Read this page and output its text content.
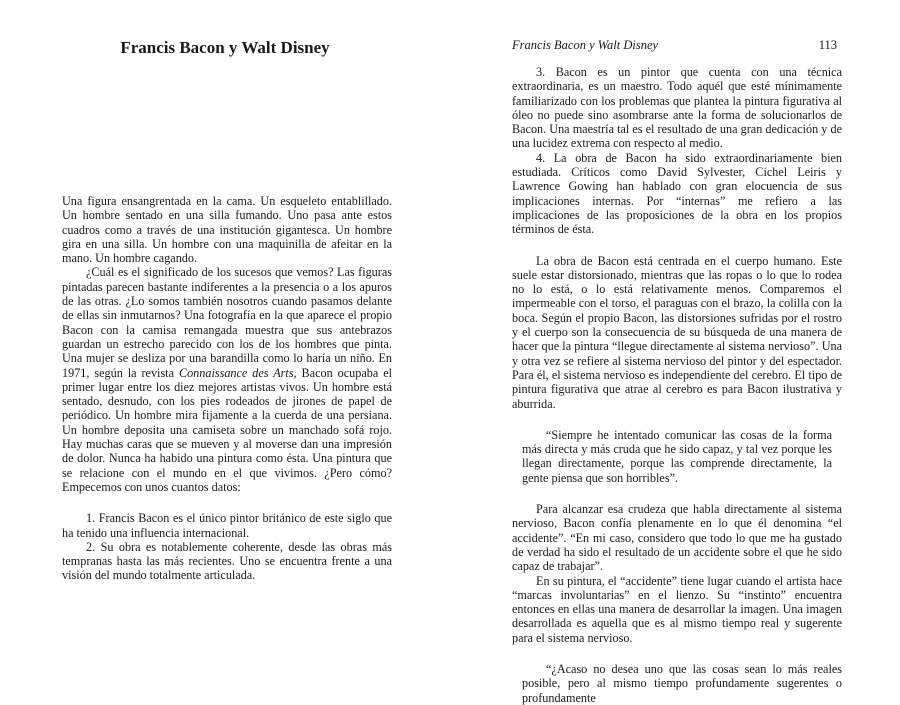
Francis Bacon y Walt Disney

Una figura ensangrentada en la cama. Un esqueleto entablillado. Un hombre sentado en una silla fumando. Uno pasa ante estos cuadros como a través de una institución gigantesca. Un hombre gira en una silla. Un hombre con una maquinilla de afeitar en la mano. Un hombre cagando.

¿Cuál es el significado de los sucesos que vemos? Las figuras pintadas parecen bastante indiferentes a la presencia o a los apuros de las otras. ¿Lo somos también nosotros cuando pasamos delante de ellas sin inmutarnos? Una fotografía en la que aparece el propio Bacon con la camisa remangada muestra que sus antebrazos guardan un estrecho parecido con los de los hombres que pinta. Una mujer se desliza por una barandilla como lo haría un niño. En 1971, según la revista Connaissance des Arts, Bacon ocupaba el primer lugar entre los diez mejores artistas vivos. Un hombre está sentado, desnudo, con los pies rodeados de jirones de papel de periódico. Un hombre mira fijamente a la cuerda de una persiana. Un hombre deposita una camiseta sobre un manchado sofá rojo. Hay muchas caras que se mueven y al moverse dan una impresión de dolor. Nunca ha habido una pintura como ésta. Una pintura que se relacione con el mundo en el que vivimos. ¿Pero cómo? Empecemos con unos cuantos datos:

1. Francis Bacon es el único pintor británico de este siglo que ha tenido una influencia internacional.

2. Su obra es notablemente coherente, desde las obras más tempranas hasta las más recientes. Uno se encuentra frente a una visión del mundo totalmente articulada.

Francis Bacon y Walt Disney	113

3. Bacon es un pintor que cuenta con una técnica extraordinaria, es un maestro. Todo aquél que esté mínimamente familiarizado con los problemas que plantea la pintura figurativa al óleo no puede sino asombrarse ante la forma de solucionarlos de Bacon. Una maestría tal es el resultado de una gran dedicación y de una lucidez extrema con respecto al medio.

4. La obra de Bacon ha sido extraordinariamente bien estudiada. Críticos como David Sylvester, Cichel Leiris y Lawrence Gowing han hablado con gran elocuencia de sus implicaciones internas. Por “internas” me refiero a las implicaciones de las proposiciones de la obra en los propios términos de ésta.

La obra de Bacon está centrada en el cuerpo humano. Este suele estar distorsionado, mientras que las ropas o lo que lo rodea no lo está, o lo está relativamente menos. Comparemos el impermeable con el torso, el paraguas con el brazo, la colilla con la boca. Según el propio Bacon, las distorsiones sufridas por el rostro y el cuerpo son la consecuencia de su búsqueda de una manera de hacer que la pintura “llegue directamente al sistema nervioso”. Una y otra vez se refiere al sistema nervioso del pintor y del espectador. Para él, el sistema nervioso es independiente del cerebro. El tipo de pintura figurativa que atrae al cerebro es para Bacon ilustrativa y aburrida.

“Siempre he intentado comunicar las cosas de la forma más directa y más cruda que he sido capaz, y tal vez porque les llegan directamente, porque las comprende directamente, la gente piensa que son horribles”.

Para alcanzar esa crudeza que habla directamente al sistema nervioso, Bacon confía plenamente en lo que él denomina “el accidente”. “En mi caso, considero que todo lo que me ha gustado de verdad ha sido el resultado de un accidente sobre el que he sido capaz de trabajar”.

En su pintura, el “accidente” tiene lugar cuando el artista hace “marcas involuntarias” en el lienzo. Su “instinto” encuentra entonces en ellas una manera de desarrollar la imagen. Una imagen desarrollada es aquella que es al mismo tiempo real y sugerente para el sistema nervioso.

“¿Acaso no desea uno que las cosas sean lo más reales posible, pero al mismo tiempo profundamente sugerentes o profundamente
